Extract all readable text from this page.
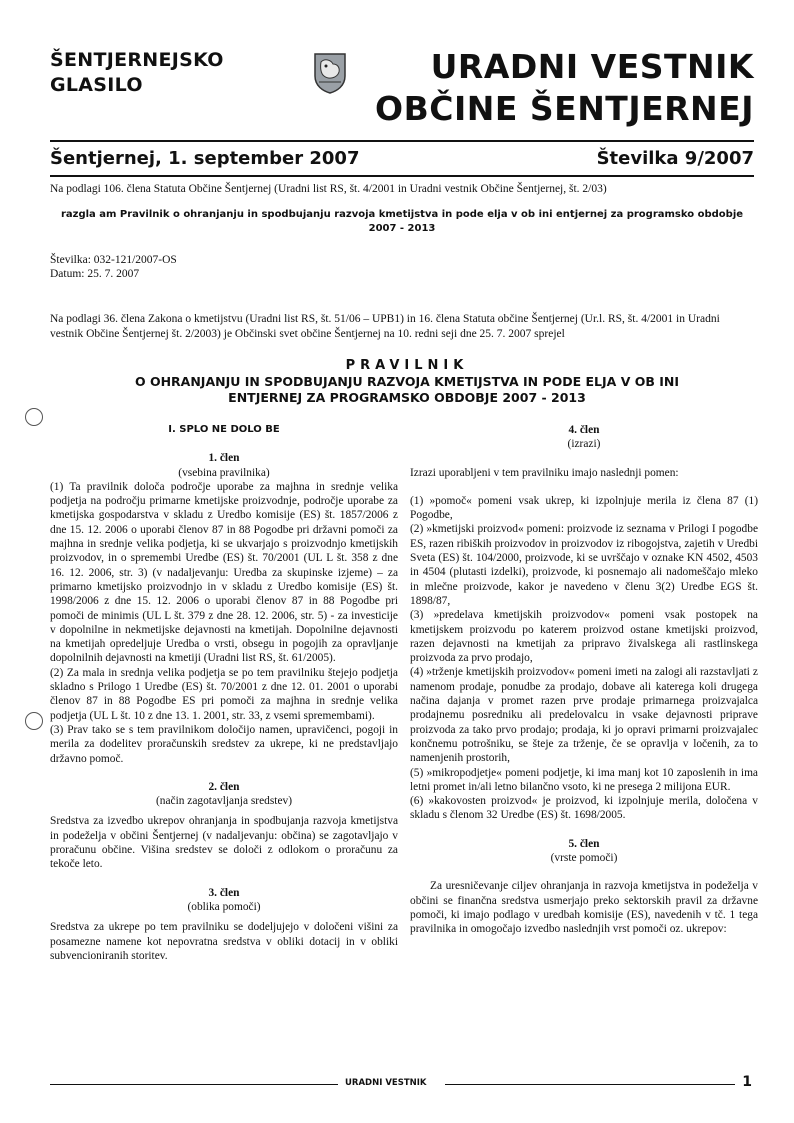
ŠENTJERNEJSKO
GLASILO	URADNI VESTNIK
OBČINE ŠENTJERNEJ
Šentjernej, 1. september 2007	Številka 9/2007
Na podlagi 106. člena Statuta Občine Šentjernej (Uradni list RS, št. 4/2001 in Uradni vestnik Občine Šentjernej, št. 2/03)
razgla am Pravilnik o ohranjanju in spodbujanju razvoja kmetijstva in pode elja v ob ini entjernej za programsko obdobje
2007 - 2013
Številka: 032-121/2007-OS
Datum: 25. 7. 2007
Na podlagi 36. člena Zakona o kmetijstvu (Uradni list RS, št. 51/06 – UPB1) in 16. člena Statuta občine Šentjernej (Ur.l. RS, št. 4/2001 in Uradni vestnik Občine Šentjernej št. 2/2003) je Občinski svet občine Šentjernej na 10. redni seji dne 25. 7. 2007 sprejel
PRAVILNIK
O OHRANJANJU IN SPODBUJANJU RAZVOJA KMETIJSTVA IN PODE ELJA V OB INI
ENTJERNEJ ZA PROGRAMSKO OBDOBJE 2007 - 2013

I. SPLO NE DOLO BE

1. člen

(vsebina pravilnika)

(1) Ta pravilnik določa področje uporabe za majhna in srednje velika podjetja na področju primarne kmetijske proizvodnje, področje uporabe za kmetijska gospodarstva v skladu z Uredbo komisije (ES) št. 1857/2006 z dne 15. 12. 2006 o uporabi členov 87 in 88 Pogodbe pri državni pomoči za majhna in srednje velika podjetja, ki se ukvarjajo s proizvodnjo kmetijskih proizvodov, in o spremembi Uredbe (ES) št. 70/2001 (UL L št. 358 z dne 16. 12. 2006, str. 3) (v nadaljevanju: Uredba za skupinske izjeme) – za primarno kmetijsko proizvodnjo in v skladu z Uredbo komisije (ES) št. 1998/2006 z dne 15. 12. 2006 o uporabi členov 87 in 88 Pogodbe pri pomoči de minimis (UL L št. 379 z dne 28. 12. 2006, str. 5) - za investicije v dopolnilne in nekmetijske dejavnosti na kmetijah. Dopolnilne dejavnosti na kmetijah opredeljuje Uredba o vrsti, obsegu in pogojih za opravljanje dopolnilnih dejavnosti na kmetiji (Uradni list RS, št. 61/2005).

(2) Za mala in srednja velika podjetja se po tem pravilniku štejejo podjetja skladno s Prilogo 1 Uredbe (ES) št. 70/2001 z dne 12. 01. 2001 o uporabi členov 87 in 88 Pogodbe ES pri pomoči za majhna in srednje velika podjetja (UL L št. 10 z dne 13. 1. 2001, str. 33, z vsemi spremembami).

(3) Prav tako se s tem pravilnikom določijo namen, upravičenci, pogoji in merila za dodelitev proračunskih sredstev za ukrepe, ki ne predstavljajo državno pomoč.

2. člen

(način zagotavljanja sredstev)

Sredstva za izvedbo ukrepov ohranjanja in spodbujanja razvoja kmetijstva in podeželja v občini Šentjernej (v nadaljevanju: občina) se zagotavljajo v proračunu občine. Višina sredstev se določi z odlokom o proračunu za tekoče leto.

3. člen

(oblika pomoči)

Sredstva za ukrepe po tem pravilniku se dodeljujejo v določeni višini za posamezne namene kot nepovratna sredstva v obliki dotacij in v obliki subvencioniranih storitev.

4. člen

(izrazi)

Izrazi uporabljeni v tem pravilniku imajo naslednji pomen:

(1) »pomoč« pomeni vsak ukrep, ki izpolnjuje merila iz člena 87 (1) Pogodbe,

(2) »kmetijski proizvod« pomeni: proizvode iz seznama v Prilogi I pogodbe ES, razen ribiških proizvodov in proizvodov iz ribogojstva, zajetih v Uredbi Sveta (ES) št. 104/2000, proizvode, ki se uvrščajo v oznake KN 4502, 4503 in 4504 (plutasti izdelki), proizvode, ki posnemajo ali nadomeščajo mleko in mlečne proizvode, kakor je navedeno v členu 3(2) Uredbe EGS št. 1898/87,

(3) »predelava kmetijskih proizvodov« pomeni vsak postopek na kmetijskem proizvodu po katerem proizvod ostane kmetijski proizvod, razen dejavnosti na kmetijah za pripravo živalskega ali rastlinskega proizvoda za prvo prodajo,

(4) »trženje kmetijskih proizvodov« pomeni imeti na zalogi ali razstavljati z namenom prodaje, ponudbe za prodajo, dobave ali katerega koli drugega načina dajanja v promet razen prve prodaje primarnega proizvajalca prodajnemu posredniku ali predelovalcu in vsake dejavnosti priprave proizvoda za tako prvo prodajo; prodaja, ki jo opravi primarni proizvajalec končnemu potrošniku, se šteje za trženje, če se opravlja v ločenih, za to namenjenih prostorih,

(5) »mikropodjetje« pomeni podjetje, ki ima manj kot 10 zaposlenih in ima letni promet in/ali letno bilančno vsoto, ki ne presega 2 milijona EUR.

(6) »kakovosten proizvod« je proizvod, ki izpolnjuje merila, določena v skladu s členom 32 Uredbe (ES) št. 1698/2005.

5. člen

(vrste pomoči)

Za uresničevanje ciljev ohranjanja in razvoja kmetijstva in podeželja v občini se finančna sredstva usmerjajo preko sektorskih pravil za državne pomoči, ki imajo podlago v uredbah komisije (ES), navedenih v tč. 1 tega pravilnika in omogočajo izvedbo naslednjih vrst pomoči oz. ukrepov:

URADNI VESTNIK	1
